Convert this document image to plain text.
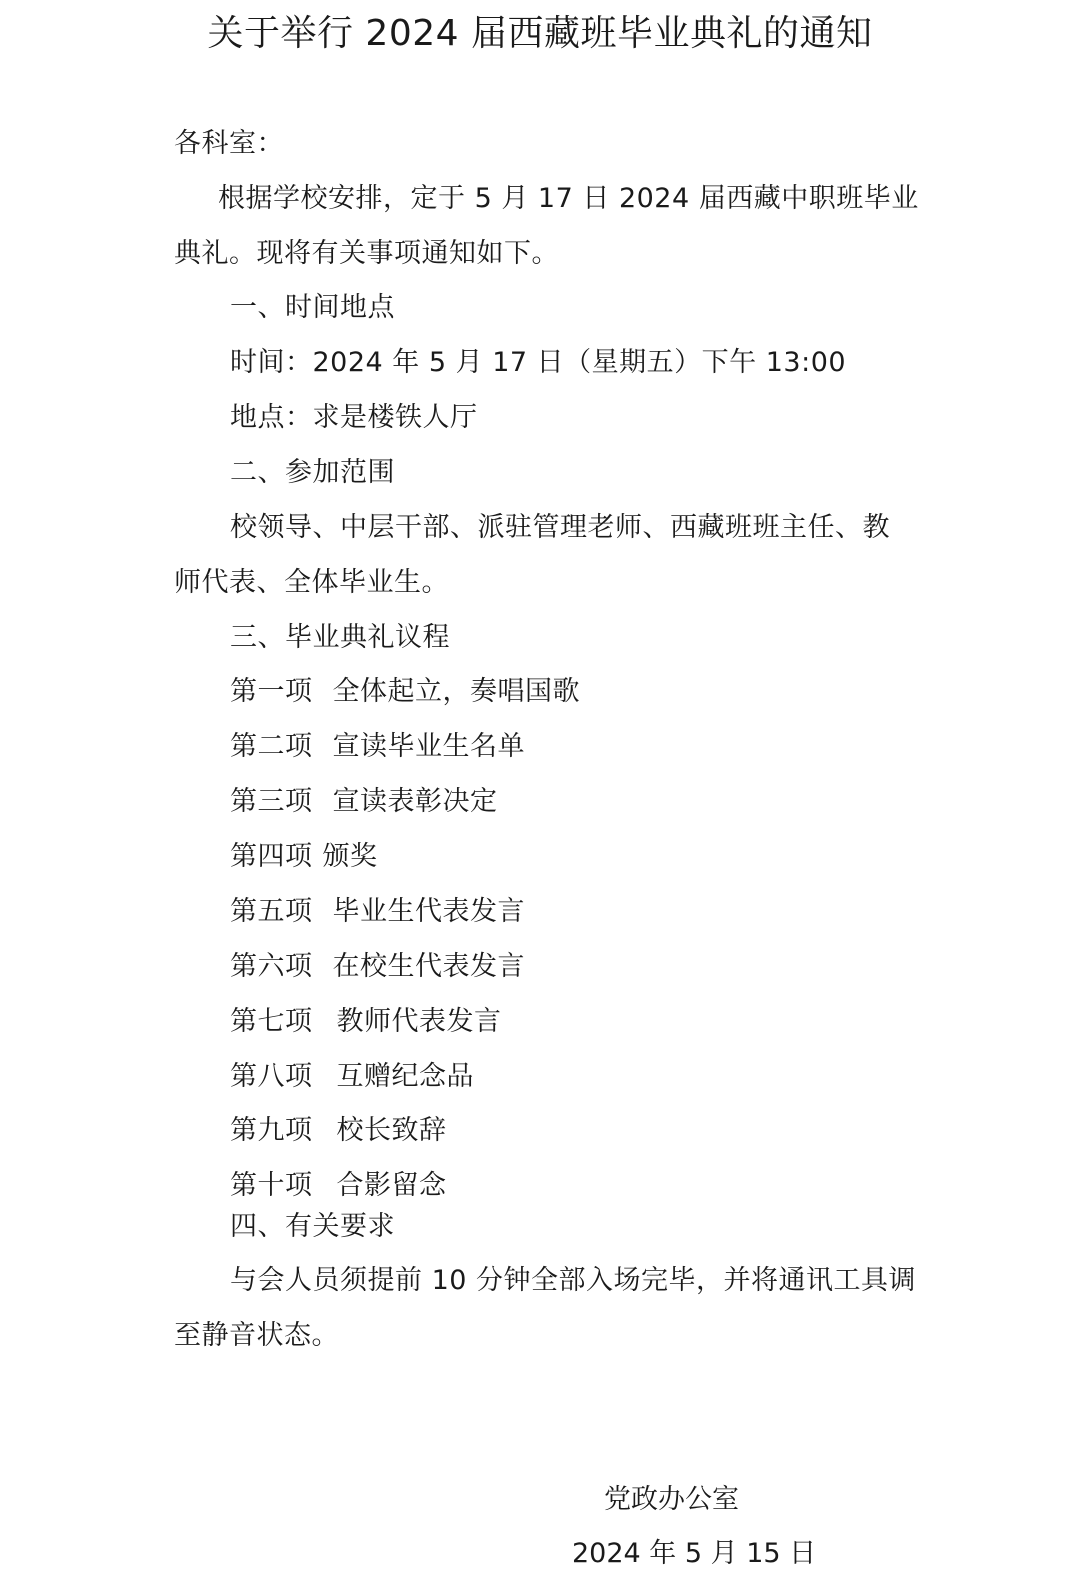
关于举行 2024 届西藏班毕业典礼的通知
各科室：
根据学校安排，定于 5 月 17 日 2024 届西藏中职班毕业
典礼。现将有关事项通知如下。
一、时间地点
时间：2024 年 5 月 17 日（星期五）下午 13:00
地点：求是楼铁人厅
二、参加范围
校领导、中层干部、派驻管理老师、西藏班班主任、教
师代表、全体毕业生。
三、毕业典礼议程
第一项 全体起立，奏唱国歌
第二项 宣读毕业生名单
第三项 宣读表彰决定
第四项 颁奖
第五项 毕业生代表发言
第六项 在校生代表发言
第七项 教师代表发言
第八项 互赠纪念品
第九项 校长致辞
第十项 合影留念
四、有关要求
与会人员须提前 10 分钟全部入场完毕，并将通讯工具调
至静音状态。
党政办公室
2024 年 5 月 15 日
